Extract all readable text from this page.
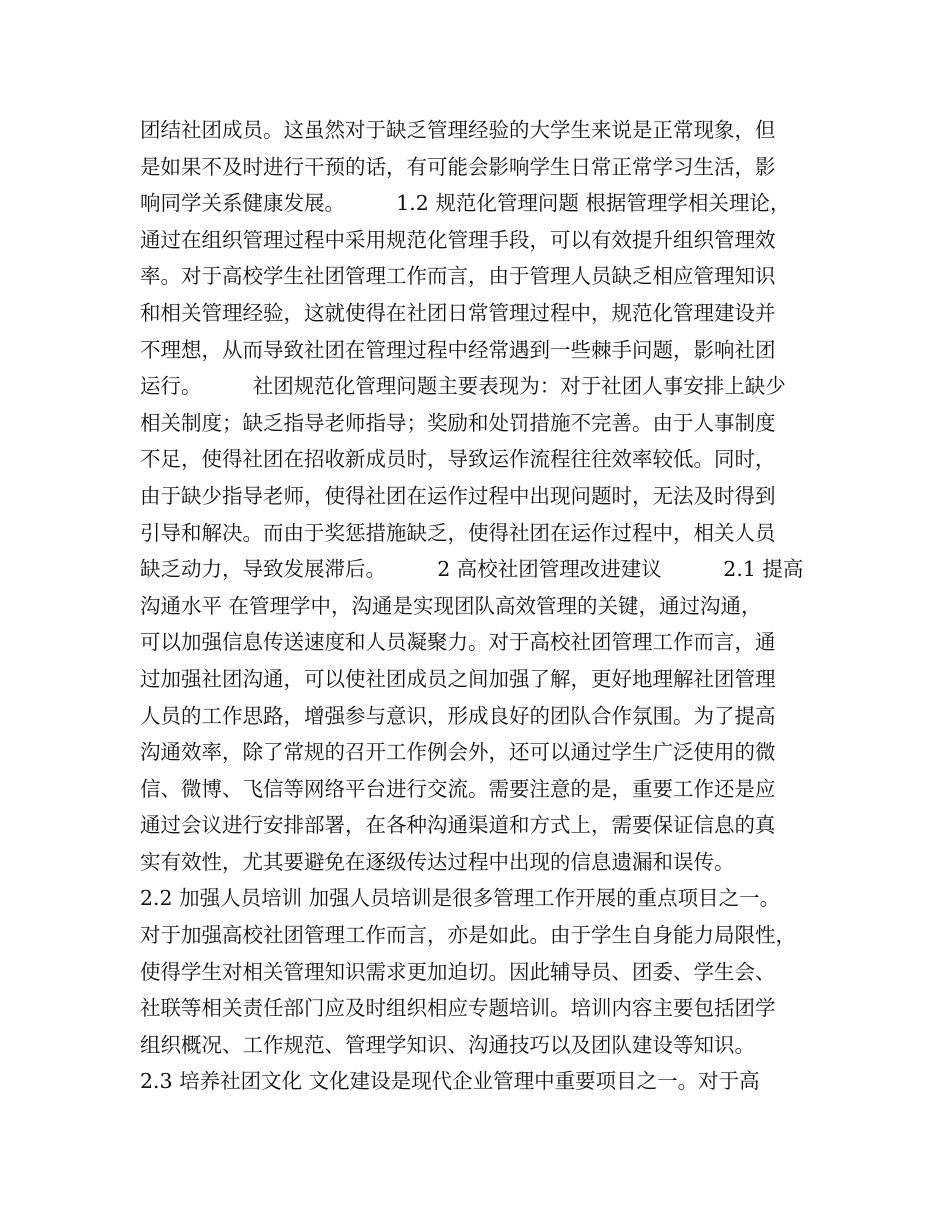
团结社团成员。这虽然对于缺乏管理经验的大学生来说是正常现象，但
是如果不及时进行干预的话，有可能会影响学生日常正常学习生活，影
响同学关系健康发展。　　　1.2 规范化管理问题 根据管理学相关理论，
通过在组织管理过程中采用规范化管理手段，可以有效提升组织管理效
率。对于高校学生社团管理工作而言，由于管理人员缺乏相应管理知识
和相关管理经验，这就使得在社团日常管理过程中，规范化管理建设并
不理想，从而导致社团在管理过程中经常遇到一些棘手问题，影响社团
运行。　　　社团规范化管理问题主要表现为：对于社团人事安排上缺少
相关制度；缺乏指导老师指导；奖励和处罚措施不完善。由于人事制度
不足，使得社团在招收新成员时，导致运作流程往往效率较低。同时，
由于缺少指导老师，使得社团在运作过程中出现问题时，无法及时得到
引导和解决。而由于奖惩措施缺乏，使得社团在运作过程中，相关人员
缺乏动力，导致发展滞后。　　　2 高校社团管理改进建议　　　2.1 提高
沟通水平 在管理学中，沟通是实现团队高效管理的关键，通过沟通，
可以加强信息传送速度和人员凝聚力。对于高校社团管理工作而言，通
过加强社团沟通，可以使社团成员之间加强了解，更好地理解社团管理
人员的工作思路，增强参与意识，形成良好的团队合作氛围。为了提高
沟通效率，除了常规的召开工作例会外，还可以通过学生广泛使用的微
信、微博、飞信等网络平台进行交流。需要注意的是，重要工作还是应
通过会议进行安排部署，在各种沟通渠道和方式上，需要保证信息的真
实有效性，尤其要避免在逐级传达过程中出现的信息遗漏和误传。
2.2 加强人员培训 加强人员培训是很多管理工作开展的重点项目之一。
对于加强高校社团管理工作而言，亦是如此。由于学生自身能力局限性，
使得学生对相关管理知识需求更加迫切。因此辅导员、团委、学生会、
社联等相关责任部门应及时组织相应专题培训。培训内容主要包括团学
组织概况、工作规范、管理学知识、沟通技巧以及团队建设等知识。
2.3 培养社团文化 文化建设是现代企业管理中重要项目之一。对于高
